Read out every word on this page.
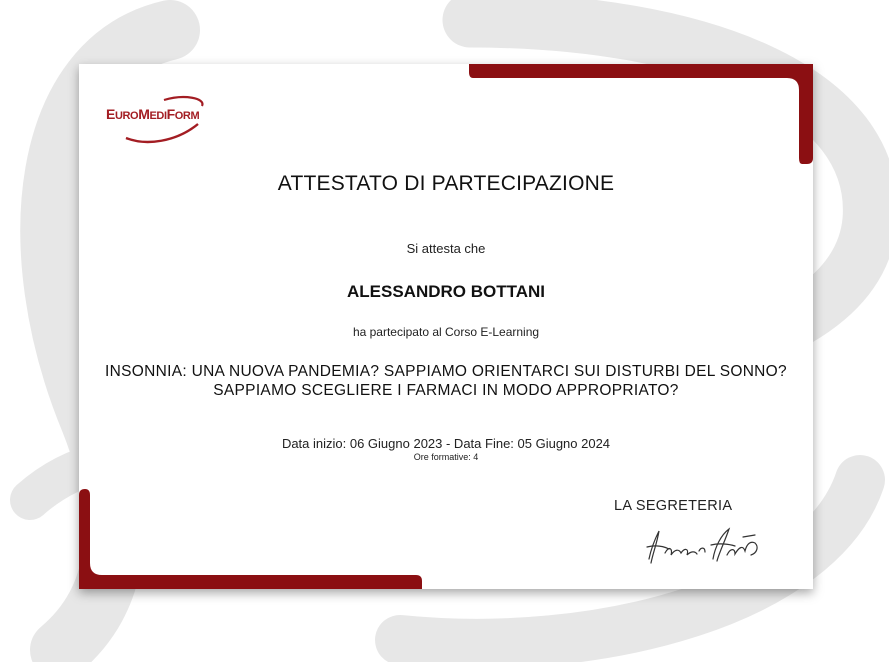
EUROMEDIFORM
ATTESTATO DI PARTECIPAZIONE
Si attesta che
ALESSANDRO BOTTANI
ha partecipato al Corso E-Learning
INSONNIA: UNA NUOVA PANDEMIA? SAPPIAMO ORIENTARCI SUI DISTURBI DEL SONNO? SAPPIAMO SCEGLIERE I FARMACI IN MODO APPROPRIATO?
Data inizio: 06 Giugno 2023 - Data Fine: 05 Giugno 2024
Ore formative: 4
LA SEGRETERIA
